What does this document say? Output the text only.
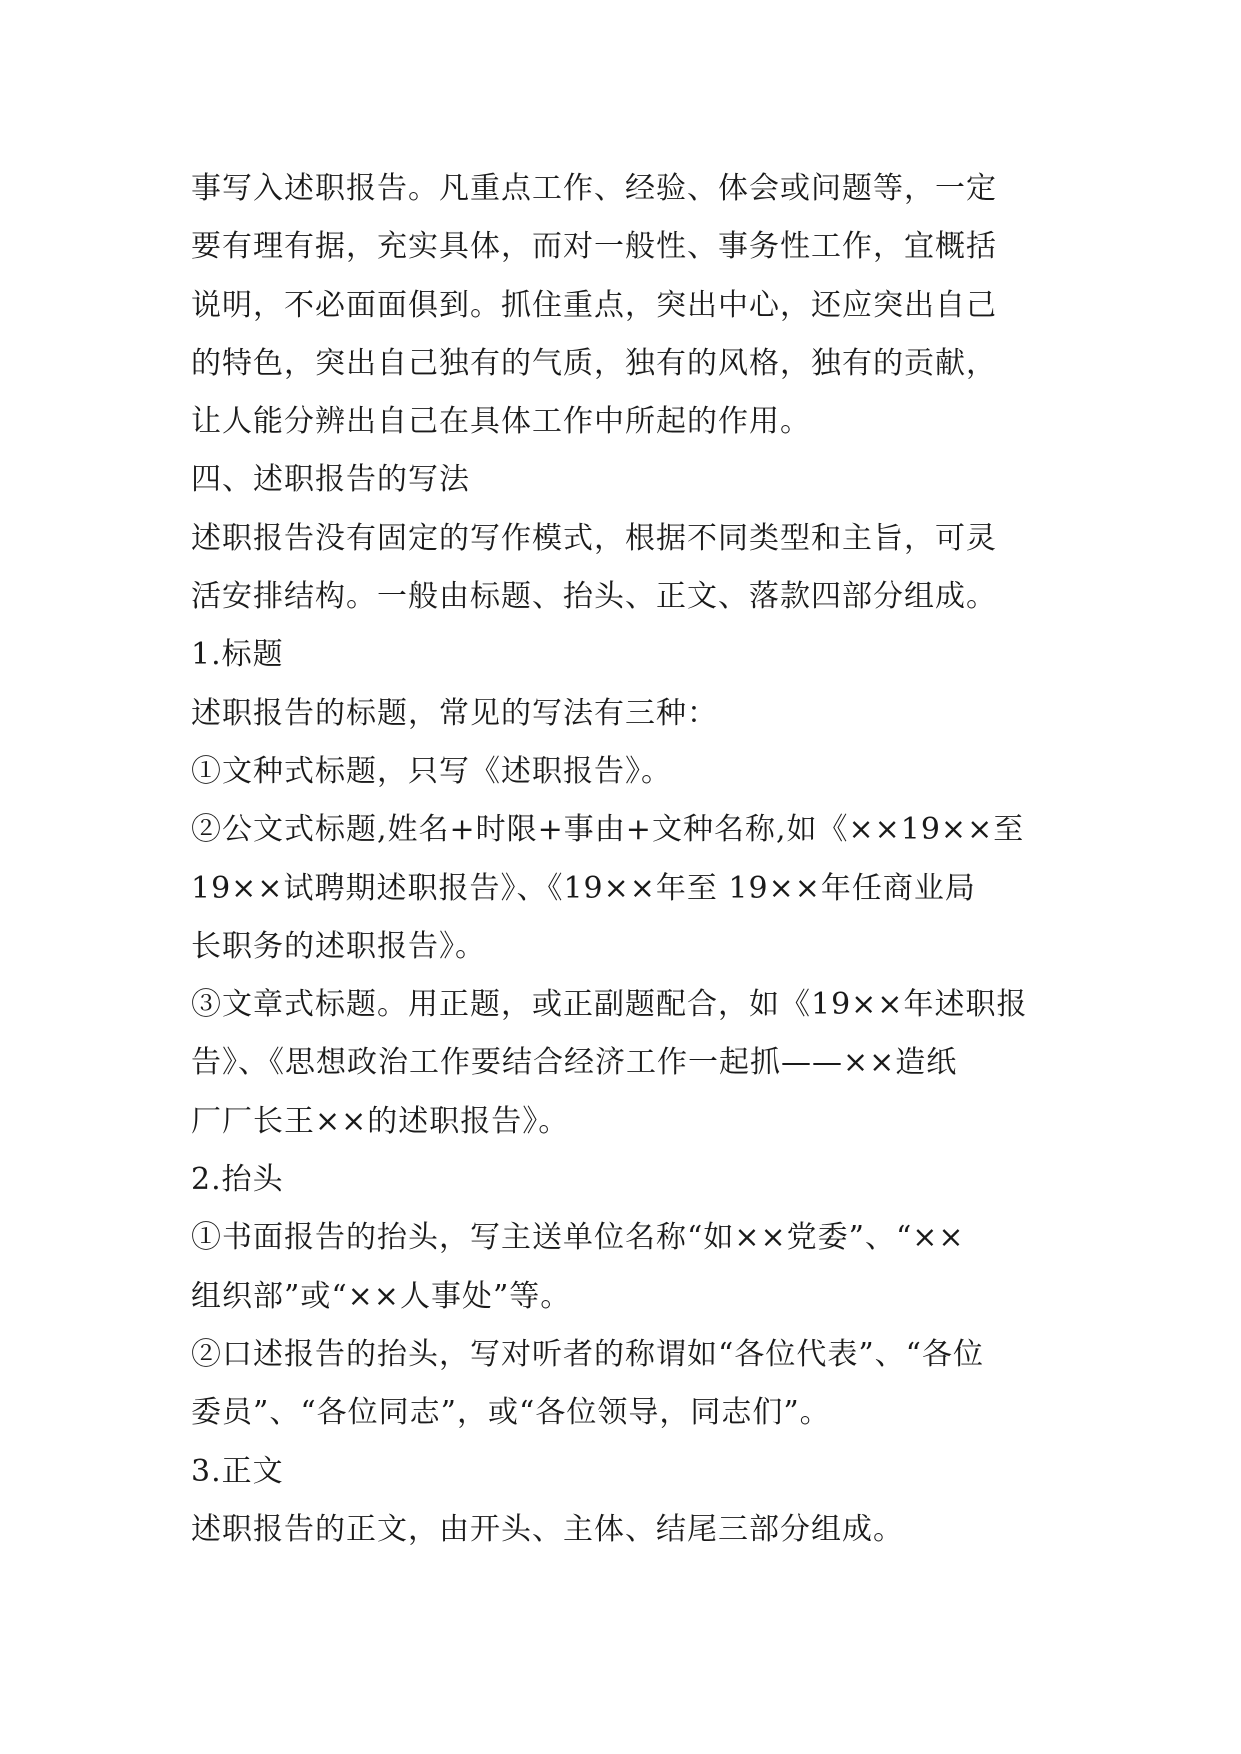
事写入述职报告。凡重点工作、经验、体会或问题等，一定
要有理有据，充实具体，而对一般性、事务性工作，宜概括
说明，不必面面俱到。抓住重点，突出中心，还应突出自己
的特色，突出自己独有的气质，独有的风格，独有的贡献，
让人能分辨出自己在具体工作中所起的作用。
四、述职报告的写法
述职报告没有固定的写作模式，根据不同类型和主旨，可灵
活安排结构。一般由标题、抬头、正文、落款四部分组成。
1.标题
述职报告的标题，常见的写法有三种：
①文种式标题，只写《述职报告》。
②公文式标题,姓名+时限+事由+文种名称,如《××19××至
19××试聘期述职报告》、《19××年至 19××年任商业局
长职务的述职报告》。
③文章式标题。用正题，或正副题配合，如《19××年述职报
告》、《思想政治工作要结合经济工作一起抓——××造纸
厂厂长王××的述职报告》。
2.抬头
①书面报告的抬头，写主送单位名称“如××党委”、“××
组织部”或“××人事处”等。
②口述报告的抬头，写对听者的称谓如“各位代表”、“各位
委员”、“各位同志”，或“各位领导，同志们”。
3.正文
述职报告的正文，由开头、主体、结尾三部分组成。
